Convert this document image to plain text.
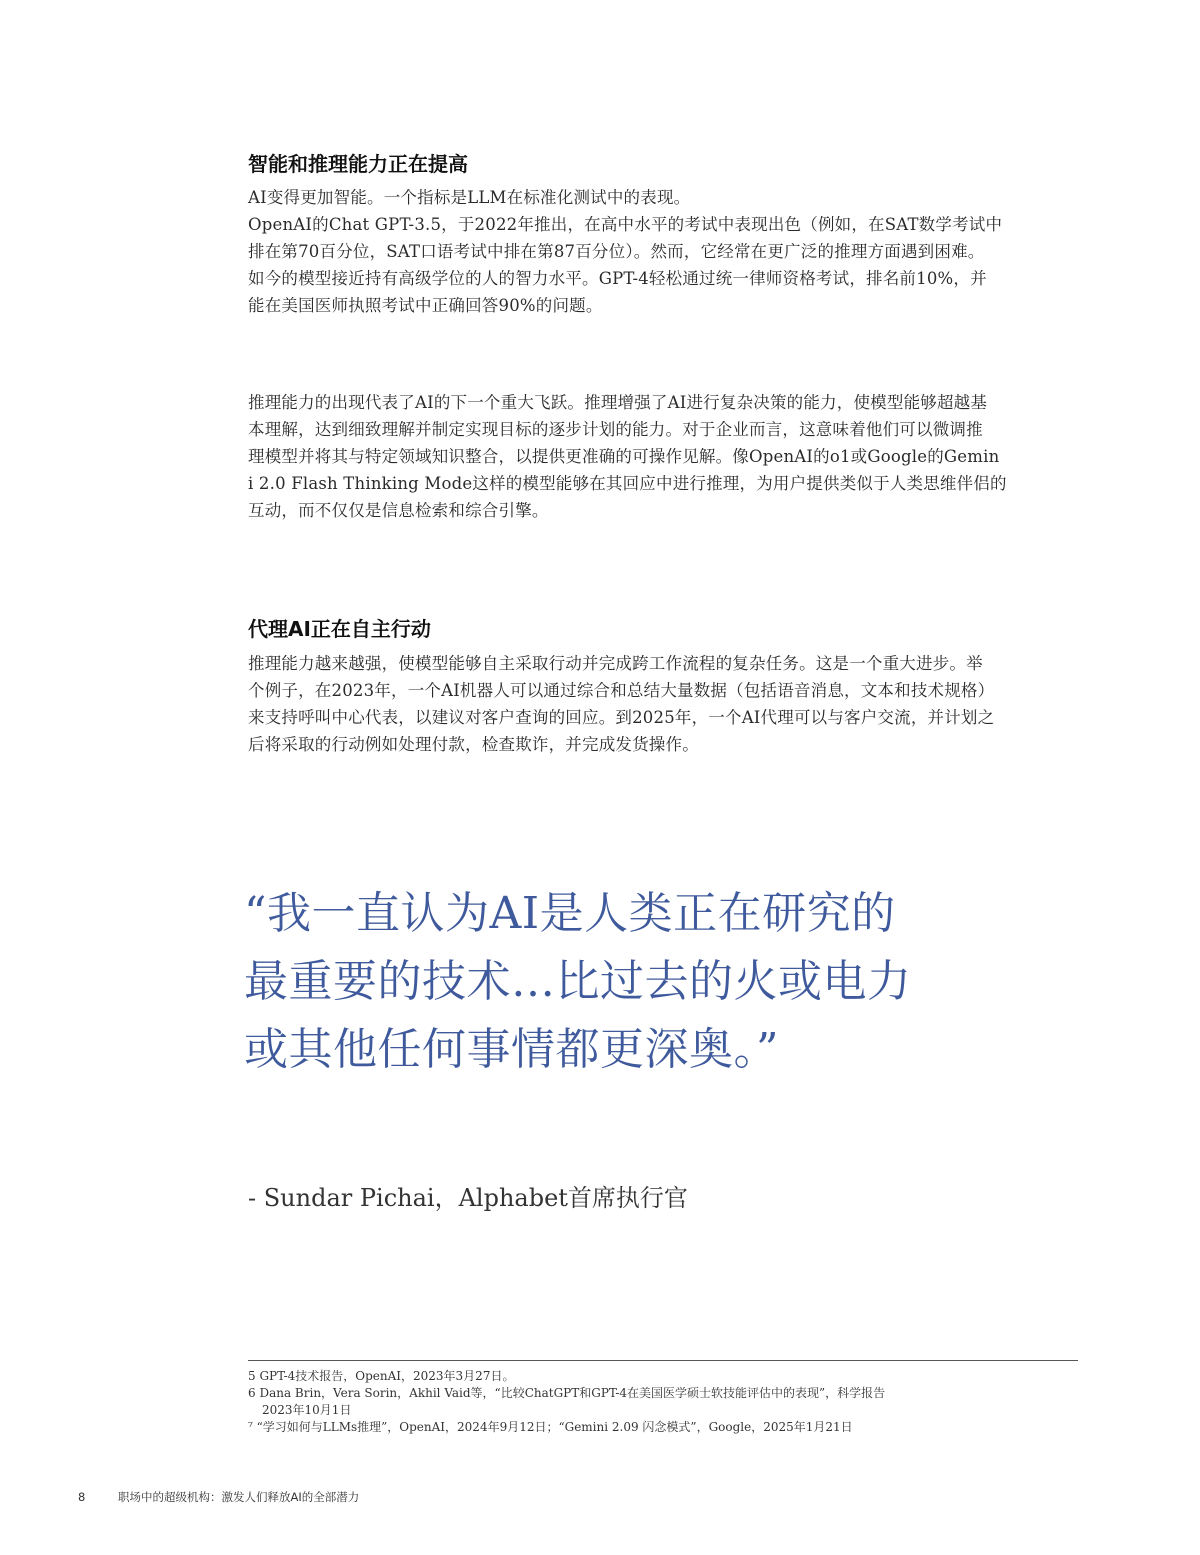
智能和推理能力正在提高

AI变得更加智能。一个指标是LLM在标准化测试中的表现。

OpenAI的Chat GPT-3.5，于2022年推出，在高中水平的考试中表现出色（例如，在SAT数学考试中

排在第70百分位，SAT口语考试中排在第87百分位）。然而，它经常在更广泛的推理方面遇到困难。

如今的模型接近持有高级学位的人的智力水平。GPT-4轻松通过统一律师资格考试，排名前10%，并

能在美国医师执照考试中正确回答90%的问题。

推理能力的出现代表了AI的下一个重大飞跃。推理增强了AI进行复杂决策的能力，使模型能够超越基

本理解，达到细致理解并制定实现目标的逐步计划的能力。对于企业而言，这意味着他们可以微调推

理模型并将其与特定领域知识整合，以提供更准确的可操作见解。像OpenAI的o1或Google的Gemin

i 2.0 Flash Thinking Mode这样的模型能够在其回应中进行推理，为用户提供类似于人类思维伴侣的

互动，而不仅仅是信息检索和综合引擎。

代理AI正在自主行动

推理能力越来越强，使模型能够自主采取行动并完成跨工作流程的复杂任务。这是一个重大进步。举

个例子，在2023年，一个AI机器人可以通过综合和总结大量数据（包括语音消息，文本和技术规格）

来支持呼叫中心代表，以建议对客户查询的回应。到2025年，一个AI代理可以与客户交流，并计划之

后将采取的行动例如处理付款，检查欺诈，并完成发货操作。

“我一直认为AI是人类正在研究的
最重要的技术…比过去的火或电力
或其他任何事情都更深奥。”

- Sundar Pichai，Alphabet首席执行官

5 GPT-4技术报告，OpenAI，2023年3月27日。

6 Dana Brin，Vera Sorin，Akhil Vaid等，“比较ChatGPT和GPT-4在美国医学硕士软技能评估中的表现”，科学报告

2023年10月1日

⁷ “学习如何与LLMs推理”，OpenAI，2024年9月12日；“Gemini 2.09 闪念模式”，Google，2025年1月21日

8	职场中的超级机构：激发人们释放AI的全部潜力
